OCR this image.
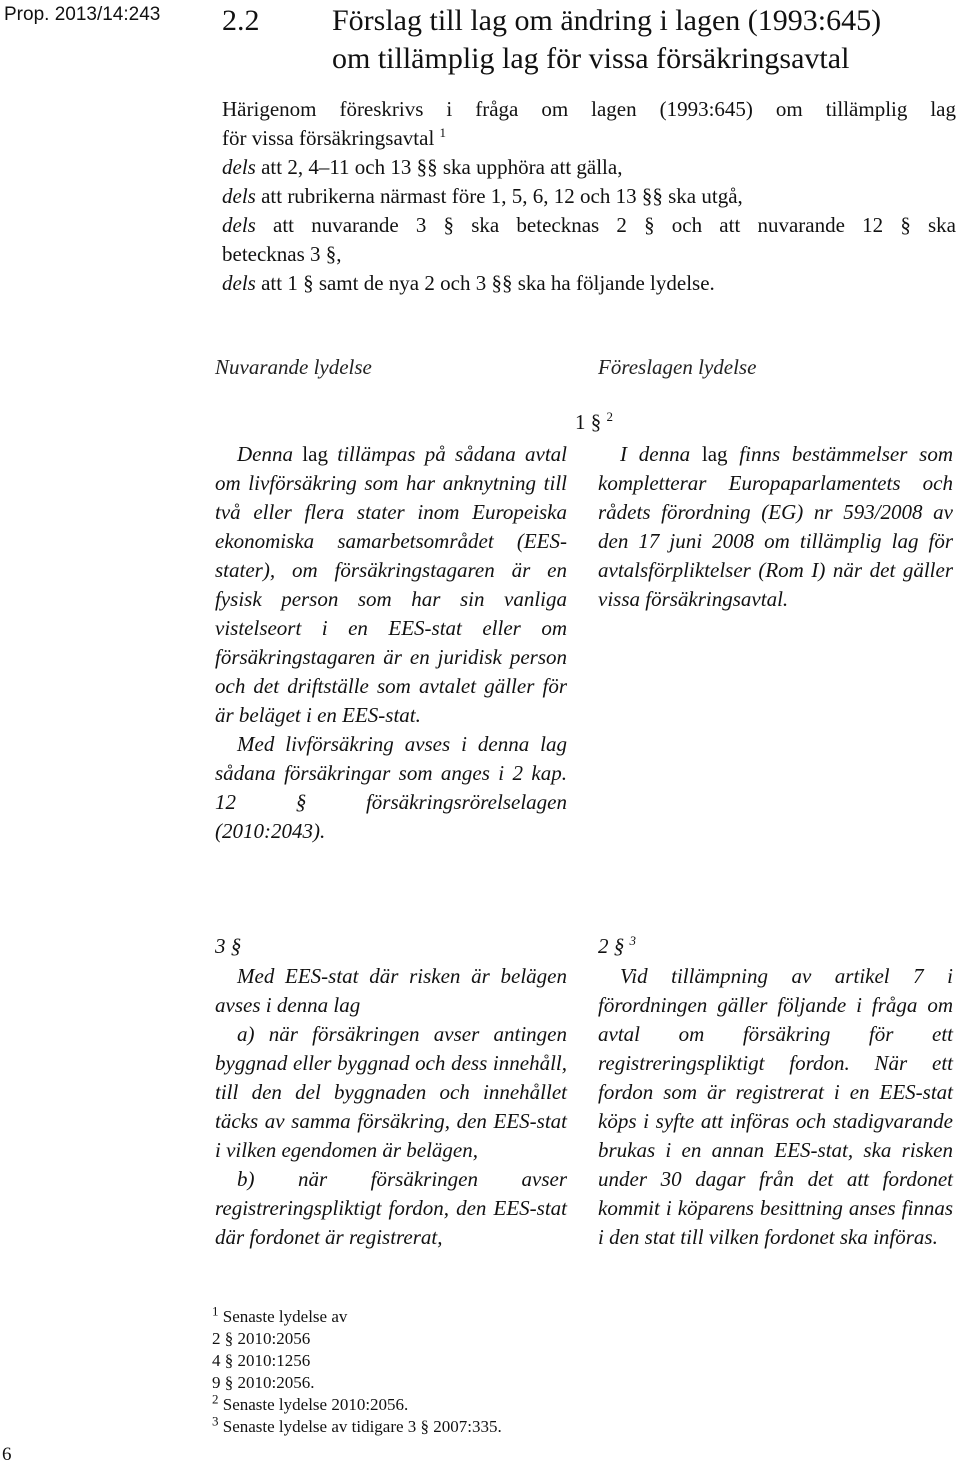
Prop. 2013/14:243 2.2 Förslag till lag om ändring i lagen (1993:645)
om tillämplig lag för vissa försäkringsavtal

Härigenom föreskrivs i fråga om lagen (1993:645) om tillämplig lag

för vissa försäkringsavtal $^1$

dels att 2, 4–11 och 13 §§ ska upphöra att gälla,

dels att rubrikerna närmast före 1, 5, 6, 12 och 13 §§ ska utgå,

dels att nuvarande 3 § ska betecknas 2 § och att nuvarande 12 § ska

betecknas 3 §,

dels att 1 § samt de nya 2 och 3 §§ ska ha följande lydelse.

Nuvarande lydelse	Föreslagen lydelse
1 § $^2$

Denna lag tillämpas på sådana avtal om livförsäkring som har anknytning till två eller flera stater inom Europeiska ekonomiska samarbetsområdet (EES-stater), om försäkringstagaren är en fysisk person som har sin vanliga vistelseort i en EES-stat eller om försäkringstagaren är en juridisk person och det driftställe som avtalet gäller för är beläget i en EES-stat.

Med livförsäkring avses i denna lag sådana försäkringar som anges i 2 kap. 12 § försäkringsrörelselagen (2010:2043).

I denna lag finns bestämmelser som kompletterar Europaparlamentets och rådets förordning (EG) nr 593/2008 av den 17 juni 2008 om tillämplig lag för avtalsförpliktelser (Rom I) när det gäller vissa försäkringsavtal.

3 §

Med EES-stat där risken är belägen avses i denna lag

a) när försäkringen avser antingen byggnad eller byggnad och dess innehåll, till den del byggnaden och innehållet täcks av samma försäkring, den EES-stat i vilken egendomen är belägen,

b) när försäkringen avser registreringspliktigt fordon, den EES-stat där fordonet är registrerat,

2 § $^3$

Vid tillämpning av artikel 7 i förordningen gäller följande i fråga om avtal om försäkring för ett registreringspliktigt fordon. När ett fordon som är registrerat i en EES-stat köps i syfte att införas och stadigvarande brukas i en annan EES-stat, ska risken under 30 dagar från det att fordonet kommit i köparens besittning anses finnas i den stat till vilken fordonet ska införas.

$^1$ Senaste lydelse av
2 § 2010:2056
4 § 2010:1256
9 § 2010:2056.
$^2$ Senaste lydelse 2010:2056.
$^3$ Senaste lydelse av tidigare 3 § 2007:335.
6
